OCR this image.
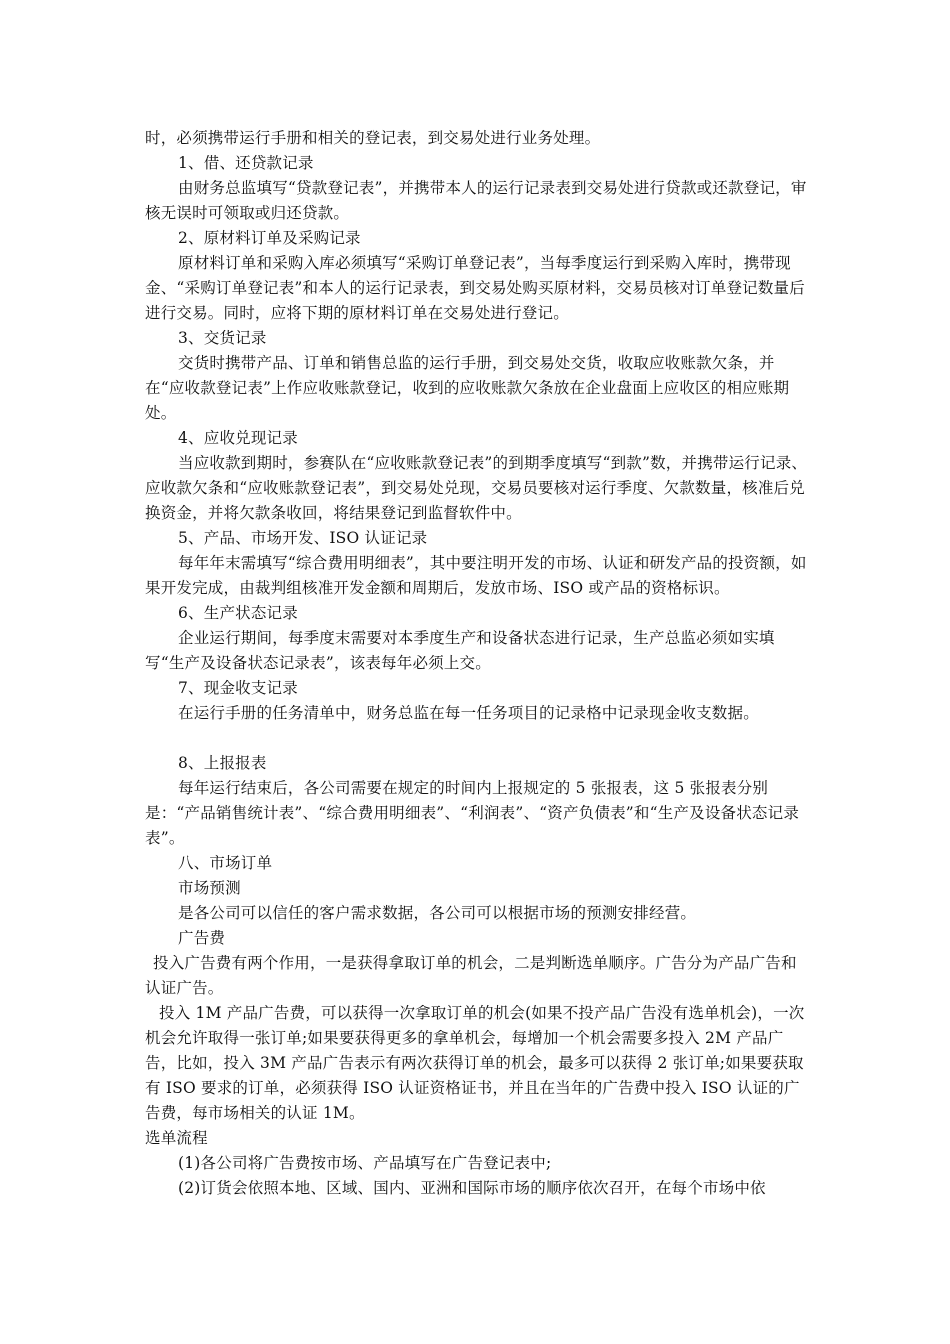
时，必须携带运行手册和相关的登记表，到交易处进行业务处理。

1、借、还贷款记录

由财务总监填写“贷款登记表”，并携带本人的运行记录表到交易处进行贷款或还款登记，审核无误时可领取或归还贷款。

2、原材料订单及采购记录

原材料订单和采购入库必须填写“采购订单登记表”，当每季度运行到采购入库时，携带现金、“采购订单登记表”和本人的运行记录表，到交易处购买原材料，交易员核对订单登记数量后进行交易。同时，应将下期的原材料订单在交易处进行登记。

3、交货记录

交货时携带产品、订单和销售总监的运行手册，到交易处交货，收取应收账款欠条，并在“应收款登记表”上作应收账款登记，收到的应收账款欠条放在企业盘面上应收区的相应账期处。

4、应收兑现记录

当应收款到期时，参赛队在“应收账款登记表”的到期季度填写“到款”数，并携带运行记录、应收款欠条和“应收账款登记表”，到交易处兑现，交易员要核对运行季度、欠款数量，核准后兑换资金，并将欠款条收回，将结果登记到监督软件中。

5、产品、市场开发、ISO 认证记录

每年年末需填写“综合费用明细表”，其中要注明开发的市场、认证和研发产品的投资额，如果开发完成，由裁判组核准开发金额和周期后，发放市场、ISO 或产品的资格标识。

6、生产状态记录

企业运行期间，每季度末需要对本季度生产和设备状态进行记录，生产总监必须如实填写“生产及设备状态记录表”，该表每年必须上交。

7、现金收支记录

在运行手册的任务清单中，财务总监在每一任务项目的记录格中记录现金收支数据。

8、上报报表

每年运行结束后，各公司需要在规定的时间内上报规定的 5 张报表，这 5 张报表分别是：“产品销售统计表”、“综合费用明细表”、“利润表”、“资产负债表”和“生产及设备状态记录表”。

八、市场订单

市场预测

是各公司可以信任的客户需求数据，各公司可以根据市场的预测安排经营。

广告费

投入广告费有两个作用，一是获得拿取订单的机会，二是判断选单顺序。广告分为产品广告和认证广告。

投入 1M 产品广告费，可以获得一次拿取订单的机会(如果不投产品广告没有选单机会)，一次机会允许取得一张订单;如果要获得更多的拿单机会，每增加一个机会需要多投入 2M 产品广告，比如，投入 3M 产品广告表示有两次获得订单的机会，最多可以获得 2 张订单;如果要获取有 ISO 要求的订单，必须获得 ISO 认证资格证书，并且在当年的广告费中投入 ISO 认证的广告费，每市场相关的认证 1M。

选单流程

(1)各公司将广告费按市场、产品填写在广告登记表中;

(2)订货会依照本地、区域、国内、亚洲和国际市场的顺序依次召开，在每个市场中依
